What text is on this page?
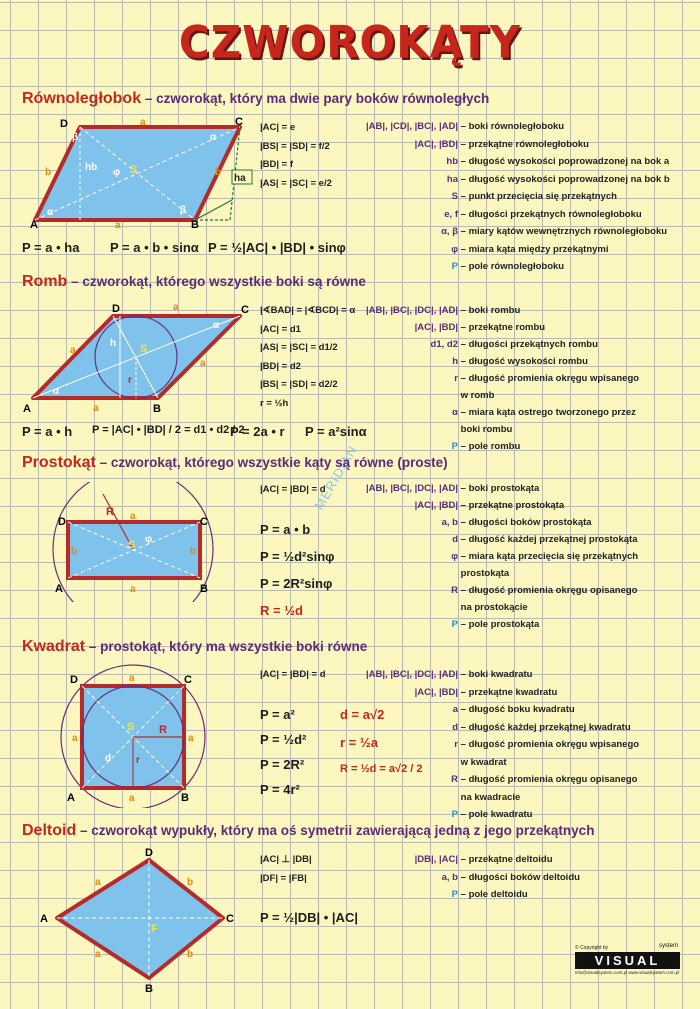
CZWOROKĄTY
MERIDIAN
Równoległobok – czworokąt, który ma dwie pary boków równoległych
A	B
C
D	a
a
b	b
S
φ
hb
α
α
β
β
ha
|AC| = e
|BS| = |SD| = f/2
|BD| = f
|AS| = |SC| = e/2
|AB|, |CD|, |BC|, |AD| – boki równoległoboku
|AC|, |BD| – przekątne równoległoboku
hb – długość wysokości poprowadzonej na bok a
ha – długość wysokości poprowadzonej na bok b
S – punkt przecięcia się przekątnych
e, f – długości przekątnych równoległoboku
α, β – miary kątów wewnętrznych równoległoboku
φ – miara kąta między przekątnymi
P – pole równoległoboku
P = a • ha P = a • b • sinα P = ½|AC| • |BD| • sinφ
Romb – czworokąt, którego wszystkie boki są równe
A	B
C
D	a
a
a
a
S
h
r
α
α
|∢BAD| = |∢BCD| = α
|AC| = d1
|AS| = |SC| = d1/2
|BD| = d2
|BS| = |SD| = d2/2
r = ½h
|AB|, |BC|, |DC|, |AD| – boki rombu
|AC|, |BD| – przekątne rombu
d1, d2 – długości przekątnych rombu
h – długość wysokości rombu
r – długość promienia okręgu wpisanego
w romb
α – miara kąta ostrego tworzonego przez
boki rombu
P – pole rombu
P = a • h P = |AC| • |BD| / 2 = d1 • d2 / 2
P = 2a • r P = a²sinα
Prostokąt – czworokąt, którego wszystkie kąty są równe (proste)
D	C
A	B
R a
a
b	b
S φ
|AC| = |BD| = d
P = a • b
P = ½d²sinφ
P = 2R²sinφ
R = ½d
|AB|, |BC|, |DC|, |AD| – boki prostokąta
|AC|, |BD| – przekątne prostokąta
a, b – długości boków prostokąta
d – długość każdej przekątnej prostokąta
φ – miara kąta przecięcia się przekątnych
prostokąta
R – długość promienia okręgu opisanego
na prostokącie
P – pole prostokąta
Kwadrat – prostokąt, który ma wszystkie boki równe
D	C
A	B
a
a
a	a
S R
r
d
|AC| = |BD| = d
P = a²
P = ½d²
P = 2R²
P = 4r²
d = a√2
r = ½a
R = ½d = a√2 / 2
|AB|, |BC|, |DC|, |AD| – boki kwadratu
|AC|, |BD| – przekątne kwadratu
a – długość boku kwadratu
d – długość każdej przekątnej kwadratu
r – długość promienia okręgu wpisanego
w kwadrat
R – długość promienia okręgu opisanego
na kwadracie
P – pole kwadratu
Deltoid – czworokąt wypukły, który ma oś symetrii zawierającą jedną z jego przekątnych
D
A	C
B
F
a
a
b
b
|AC| ⊥ |DB|
|DF| = |FB|
P = ½|DB| • |AC|
|DB|, |AC| – przekątne deltoidu
a, b – długości boków deltoidu
P – pole deltoidu
© Copyright by	system
VISUAL
info@visualsystem.com.pl www.visualsystem.com.pl
